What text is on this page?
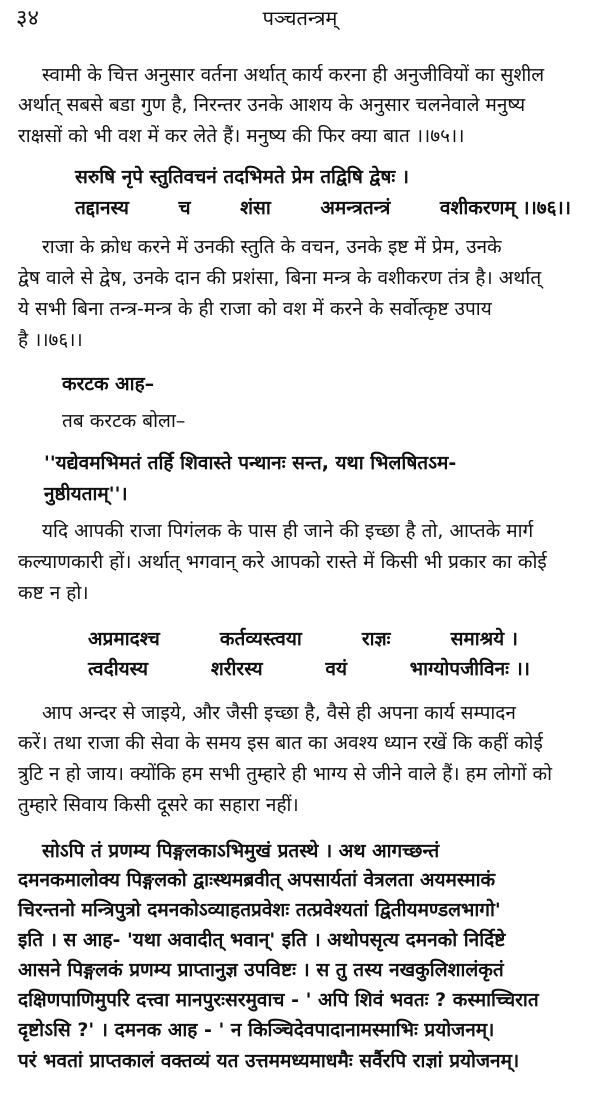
३४	पञ्चतन्त्रम्
स्वामी के चित्त अनुसार वर्तना अर्थात् कार्य करना ही अनुजीवियों का सुशील
अर्थात् सबसे बडा गुण है, निरन्तर उनके आशय के अनुसार चलनेवाले मनुष्य
राक्षसों को भी वश में कर लेते हैं। मनुष्य की फिर क्या बात ।।७५।।
सरुषि नृपे स्तुतिवचनं तदभिमते प्रेम तद्विषि द्वेषः ।
तद्दानस्य	च	शंसा	अमन्त्रतन्त्रं	वशीकरणम् ।।७६।।
राजा के क्रोध करने में उनकी स्तुति के वचन, उनके इष्ट में प्रेम, उनके
द्वेष वाले से द्वेष, उनके दान की प्रशंसा, बिना मन्त्र के वशीकरण तंत्र है। अर्थात्
ये सभी बिना तन्त्र-मन्त्र के ही राजा को वश में करने के सर्वोत्कृष्ट उपाय
है ।।७६।।
करटक आह–
तब करटक बोला–
''यद्येवमभिमतं तर्हि शिवास्ते पन्थानः सन्त, यथा भिलषितऽम-
नुष्ठीयताम्''।
यदि आपकी राजा पिगंलक के पास ही जाने की इच्छा है तो, आप्तके मार्ग
कल्याणकारी हों। अर्थात् भगवान् करे आपको रास्ते में किसी भी प्रकार का कोई
कष्ट न हो।
अप्रमादश्च	कर्तव्यस्त्वया	राज्ञः	समाश्रये ।
त्वदीयस्य	शरीरस्य	वयं	भाग्योपजीविनः ।।
आप अन्दर से जाइये, और जैसी इच्छा है, वैसे ही अपना कार्य सम्पादन
करें। तथा राजा की सेवा के समय इस बात का अवश्य ध्यान रखें कि कहीं कोई
त्रुटि न हो जाय। क्योंकि हम सभी तुम्हारे ही भाग्य से जीने वाले हैं। हम लोगों को
तुम्हारे सिवाय किसी दूसरे का सहारा नहीं।
सोऽपि तं प्रणम्य पिङ्गलकाऽभिमुखं प्रतस्थे । अथ आगच्छन्तं
दमनकमालोक्य पिङ्गलको द्वाःस्थमब्रवीत् अपसार्यतां वेत्रलता अयमस्माकं
चिरन्तनो मन्त्रिपुत्रो दमनकोऽव्याहतप्रवेशः तत्प्रवेश्यतां द्वितीयमण्डलभागो'
इति । स आह- 'यथा अवादीत् भवान्' इति । अथोपसृत्य दमनको निर्दिष्टे
आसने पिङ्गलकं प्रणम्य प्राप्तानुज्ञ उपविष्टः । स तु तस्य नखकुलिशालंकृतं
दक्षिणपाणिमुपरि दत्त्वा मानपुरःसरमुवाच - ' अपि शिवं भवतः ? कस्माच्चिरात
दृष्टोऽसि ?' । दमनक आह - ' न किञ्चिदेवपादानामस्माभिः प्रयोजनम्।
परं भवतां प्राप्तकालं वक्तव्यं यत उत्तममध्यमाधमैः सर्वैरपि राज्ञां प्रयोजनम्।
